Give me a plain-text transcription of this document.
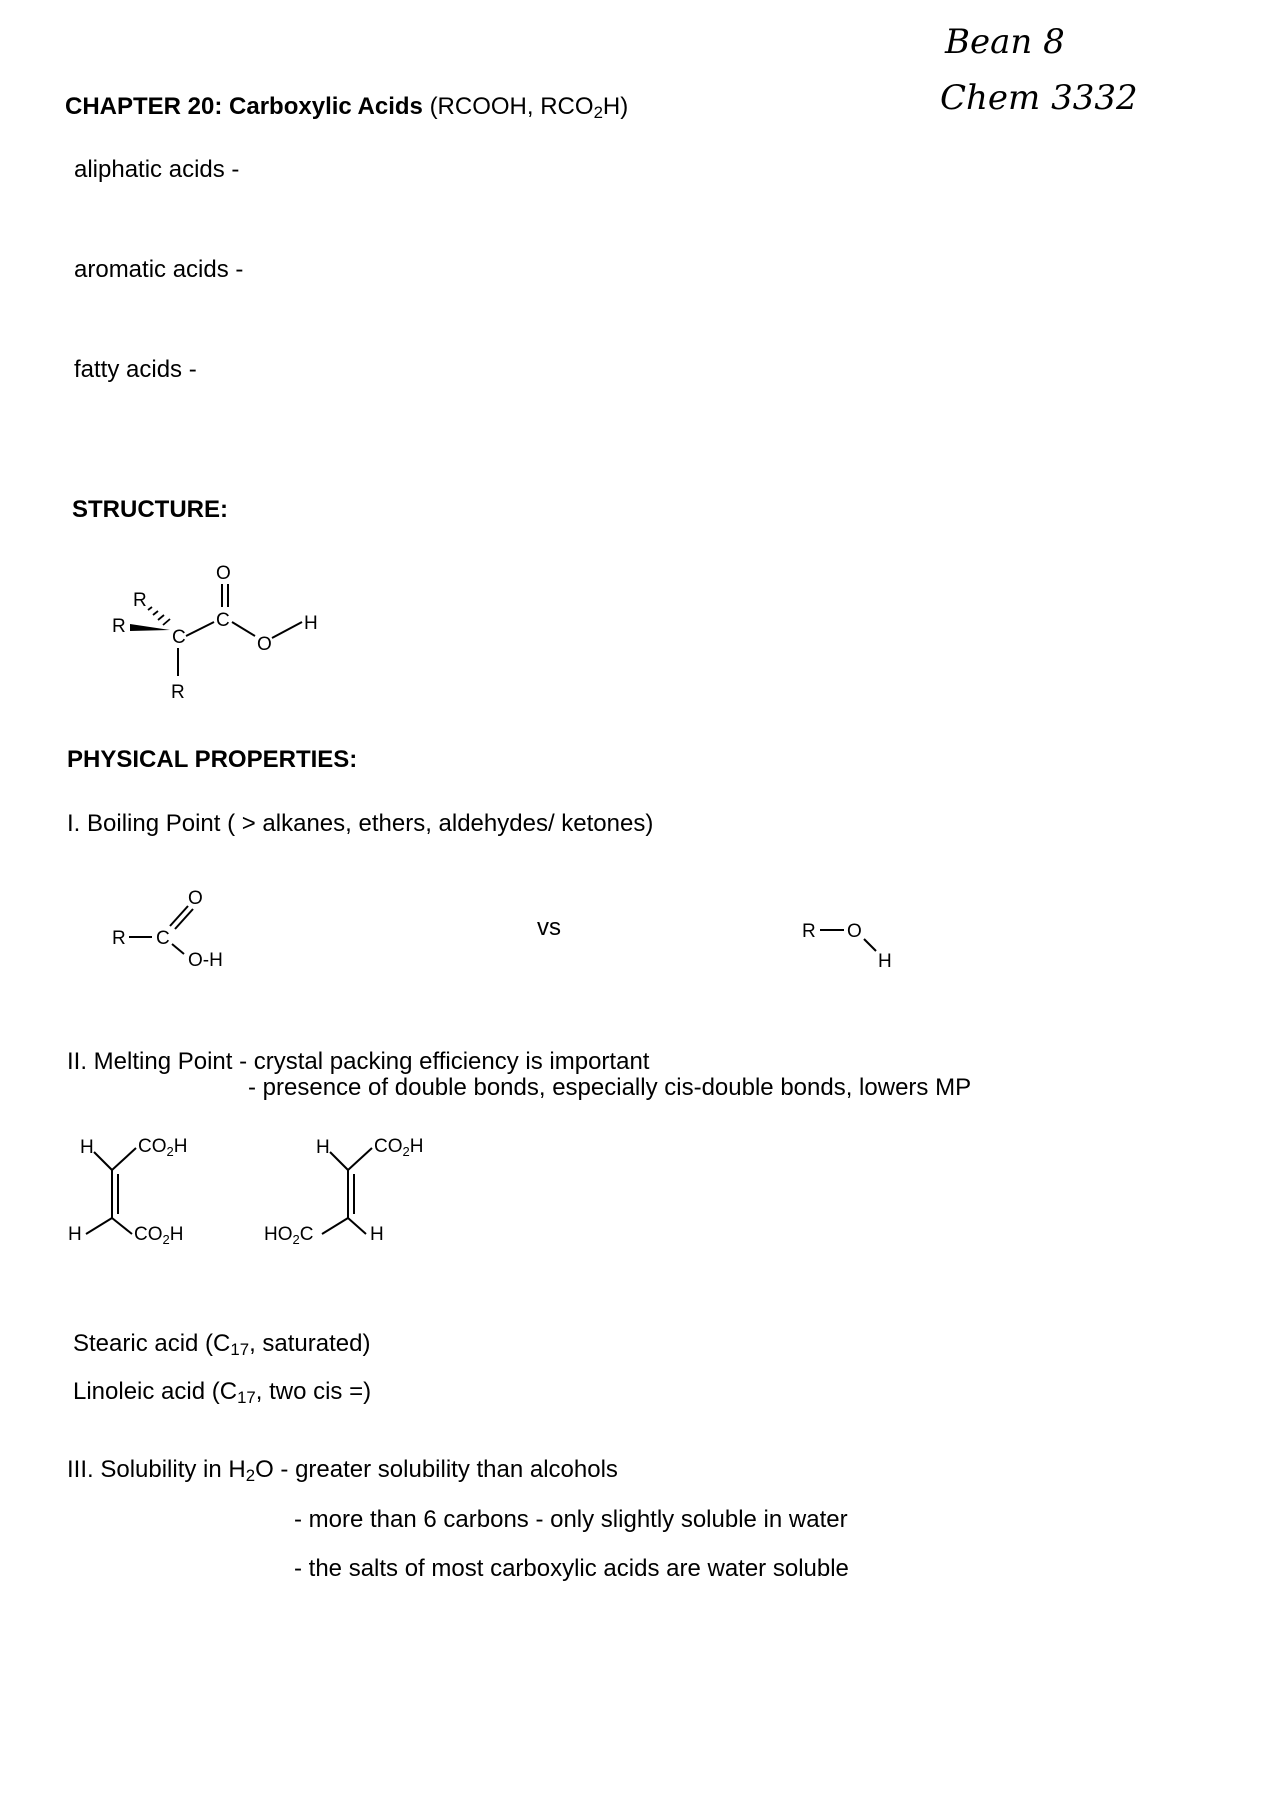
Bean 8
Chem 3332
CHAPTER 20: Carboxylic Acids (RCOOH, $RCO_2H$)
aliphatic acids -
aromatic acids -
fatty acids -
STRUCTURE:
R
R
C
C
O
O
H
R
PHYSICAL PROPERTIES:
I. Boiling Point ( > alkanes, ethers, aldehydes/ ketones)
R C
O
O-H
vs	R O
H
II. Melting Point - crystal packing efficiency is important
- presence of double bonds, especially cis-double bonds, lowers MP
H $CO_2H$
H	$CO_2H$
H $CO_2H$
$HO_2C$	H
Stearic acid ($C_{17}$, saturated)
Linoleic acid ($C_{17}$, two cis =)
III. Solubility in $H_2O$ - greater solubility than alcohols
- more than 6 carbons - only slightly soluble in water
- the salts of most carboxylic acids are water soluble
